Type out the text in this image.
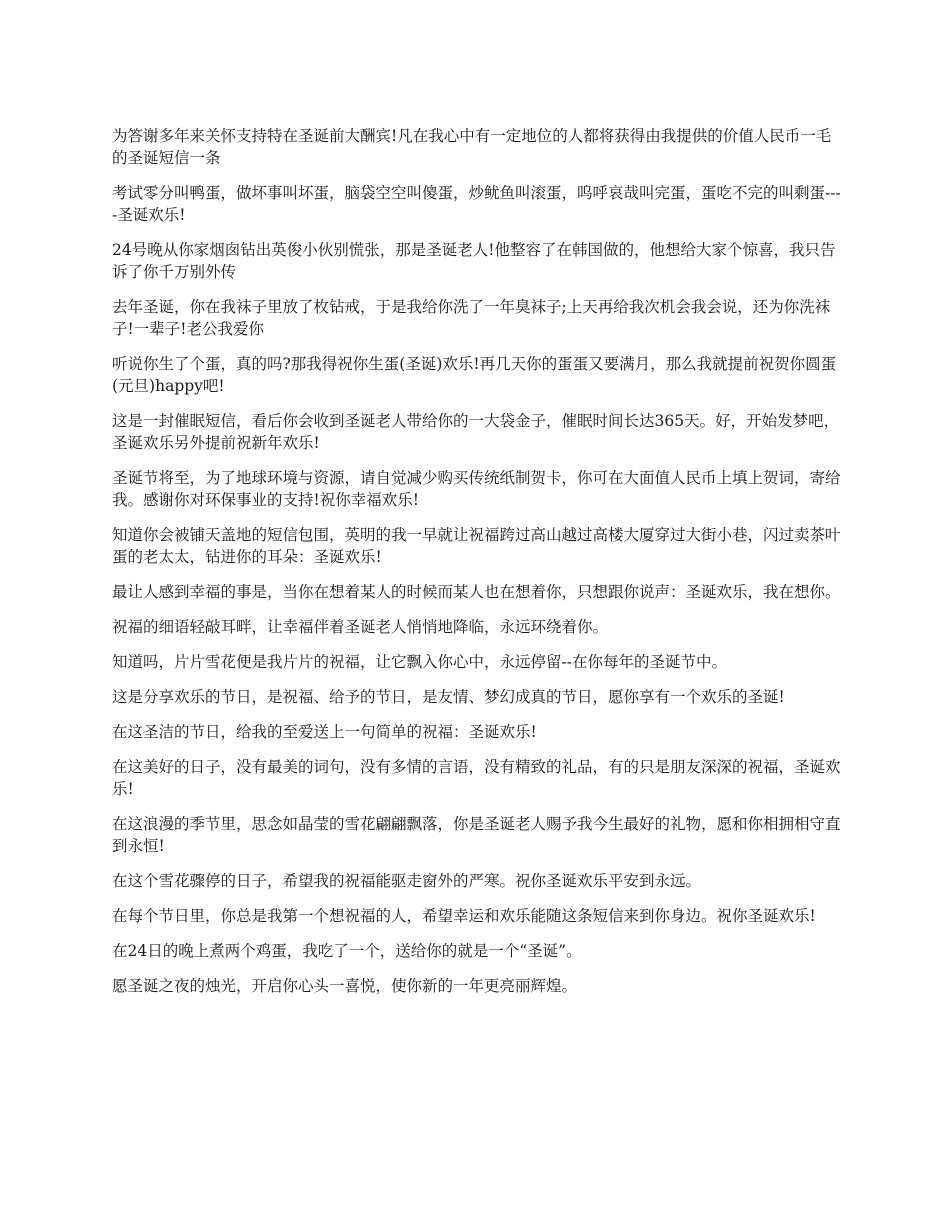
为答谢多年来关怀支持特在圣诞前大酬宾!凡在我心中有一定地位的人都将获得由我提供的价值人民币一毛的圣诞短信一条

考试零分叫鸭蛋，做坏事叫坏蛋，脑袋空空叫傻蛋，炒鱿鱼叫滚蛋，呜呼哀哉叫完蛋，蛋吃不完的叫剩蛋----圣诞欢乐!

24号晚从你家烟囱钻出英俊小伙别慌张，那是圣诞老人!他整容了在韩国做的，他想给大家个惊喜，我只告诉了你千万别外传

去年圣诞，你在我袜子里放了枚钻戒，于是我给你洗了一年臭袜子;上天再给我次机会我会说，还为你洗袜子!一辈子!老公我爱你

听说你生了个蛋，真的吗?那我得祝你生蛋(圣诞)欢乐!再几天你的蛋蛋又要满月，那么我就提前祝贺你圆蛋(元旦)happy吧!

这是一封催眠短信，看后你会收到圣诞老人带给你的一大袋金子，催眠时间长达365天。好，开始发梦吧，圣诞欢乐另外提前祝新年欢乐!

圣诞节将至，为了地球环境与资源，请自觉减少购买传统纸制贺卡，你可在大面值人民币上填上贺词，寄给我。感谢你对环保事业的支持!祝你幸福欢乐!

知道你会被铺天盖地的短信包围，英明的我一早就让祝福跨过高山越过高楼大厦穿过大街小巷，闪过卖茶叶蛋的老太太，钻进你的耳朵：圣诞欢乐!

最让人感到幸福的事是，当你在想着某人的时候而某人也在想着你，只想跟你说声：圣诞欢乐，我在想你。

祝福的细语轻敲耳畔，让幸福伴着圣诞老人悄悄地降临，永远环绕着你。

知道吗，片片雪花便是我片片的祝福，让它飘入你心中，永远停留--在你每年的圣诞节中。

这是分享欢乐的节日，是祝福、给予的节日，是友情、梦幻成真的节日，愿你享有一个欢乐的圣诞!

在这圣洁的节日，给我的至爱送上一句简单的祝福：圣诞欢乐!

在这美好的日子，没有最美的词句，没有多情的言语，没有精致的礼品，有的只是朋友深深的祝福，圣诞欢乐!

在这浪漫的季节里，思念如晶莹的雪花翩翩飘落，你是圣诞老人赐予我今生最好的礼物，愿和你相拥相守直到永恒!

在这个雪花骤停的日子，希望我的祝福能驱走窗外的严寒。祝你圣诞欢乐平安到永远。

在每个节日里，你总是我第一个想祝福的人，希望幸运和欢乐能随这条短信来到你身边。祝你圣诞欢乐!

在24日的晚上煮两个鸡蛋，我吃了一个，送给你的就是一个“圣诞”。

愿圣诞之夜的烛光，开启你心头一喜悦，使你新的一年更亮丽辉煌。
